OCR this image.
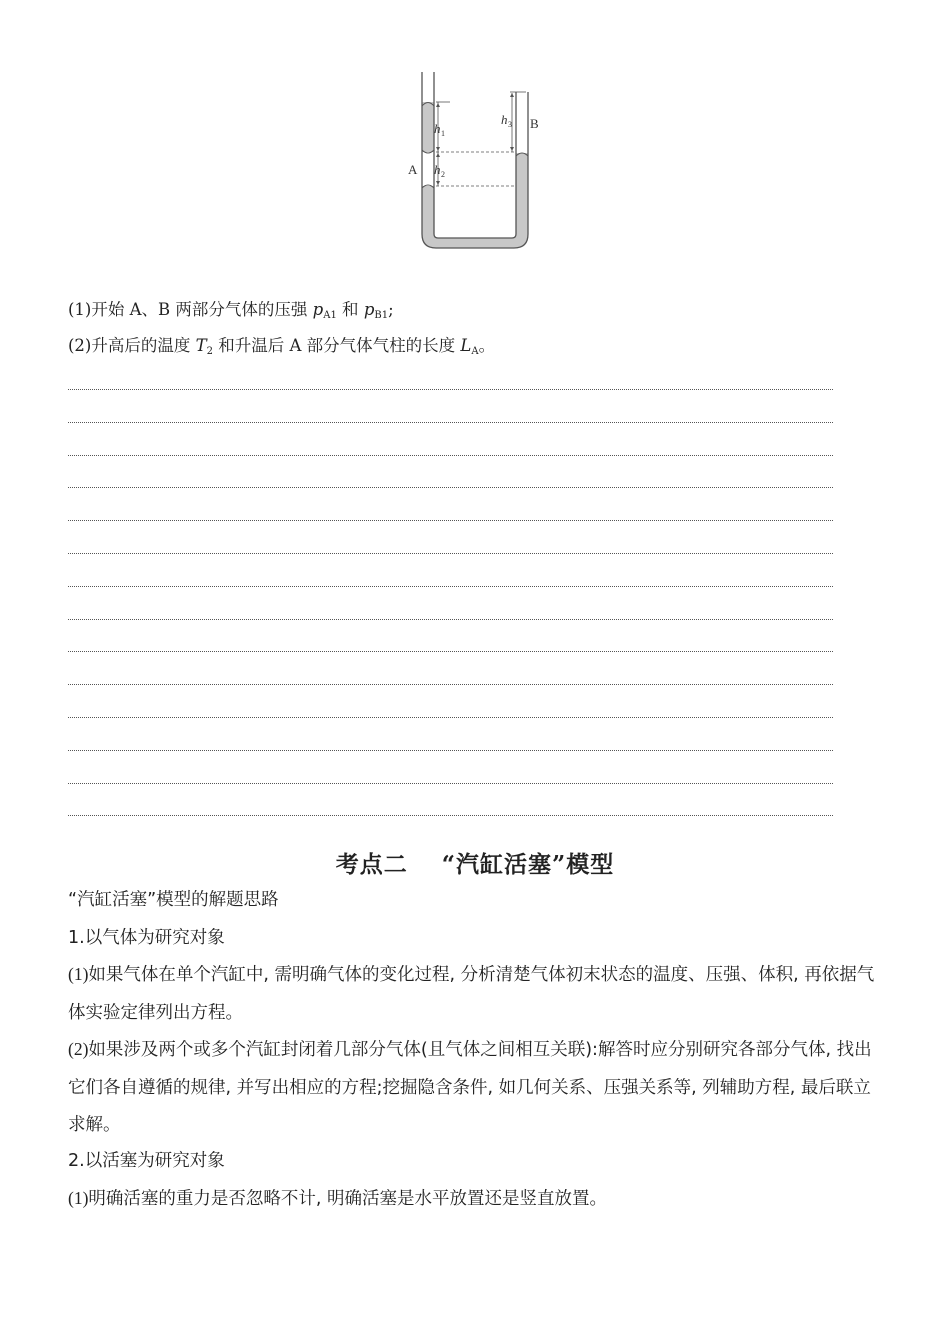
A
B
h 1
h 2
h 3
(1)开始 A、B 两部分气体的压强 $p_{A1}$ 和 $p_{B1}$;
(2)升高后的温度 $T_2$ 和升温后 A 部分气体气柱的长度 $L_A$。
考点二 “汽缸活塞”模型
“汽缸活塞”模型的解题思路
1.以气体为研究对象
(1)如果气体在单个汽缸中, 需明确气体的变化过程, 分析清楚气体初末状态的温度、压强、体积, 再依据气体实验定律列出方程。
(2)如果涉及两个或多个汽缸封闭着几部分气体(且气体之间相互关联):解答时应分别研究各部分气体, 找出它们各自遵循的规律, 并写出相应的方程;挖掘隐含条件, 如几何关系、压强关系等, 列辅助方程, 最后联立求解。
2.以活塞为研究对象
(1)明确活塞的重力是否忽略不计, 明确活塞是水平放置还是竖直放置。
